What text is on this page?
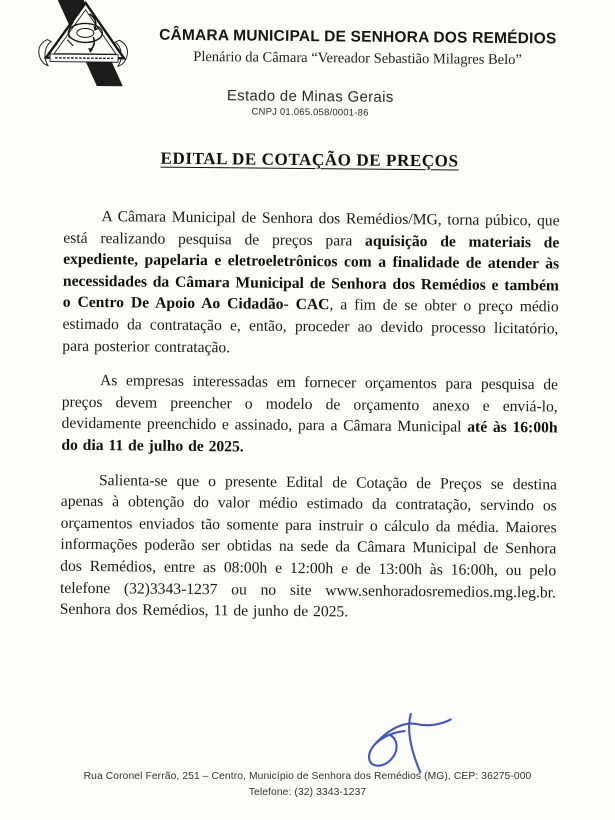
CÂMARA MUNICIPAL DE SENHORA DOS REMÉDIOS
Plenário da Câmara “Vereador Sebastião Milagres Belo”
Estado de Minas Gerais
CNPJ 01.065.058/0001-86
EDITAL DE COTAÇÃO DE PREÇOS

A Câmara Municipal de Senhora dos Remédios/MG, torna púbico, que está realizando pesquisa de preços para aquisição de materiais de expediente, papelaria e eletroeletrônicos com a finalidade de atender às necessidades da Câmara Municipal de Senhora dos Remédios e também o Centro De Apoio Ao Cidadão- CAC, a fim de se obter o preço médio estimado da contratação e, então, proceder ao devido processo licitatório, para posterior contratação.

As empresas interessadas em fornecer orçamentos para pesquisa de preços devem preencher o modelo de orçamento anexo e enviá-lo, devidamente preenchido e assinado, para a Câmara Municipal até às 16:00h do dia 11 de julho de 2025.

Salienta-se que o presente Edital de Cotação de Preços se destina apenas à obtenção do valor médio estimado da contratação, servindo os orçamentos enviados tão somente para instruir o cálculo da média. Maiores informações poderão ser obtidas na sede da Câmara Municipal de Senhora dos Remédios, entre as 08:00h e 12:00h e de 13:00h às 16:00h, ou pelo telefone (32)3343-1237 ou no site www.senhoradosremedios.mg.leg.br. Senhora dos Remédios, 11 de junho de 2025.

Rua Coronel Ferrão, 251 – Centro, Município de Senhora dos Remédios (MG), CEP: 36275-000
Telefone: (32) 3343-1237
